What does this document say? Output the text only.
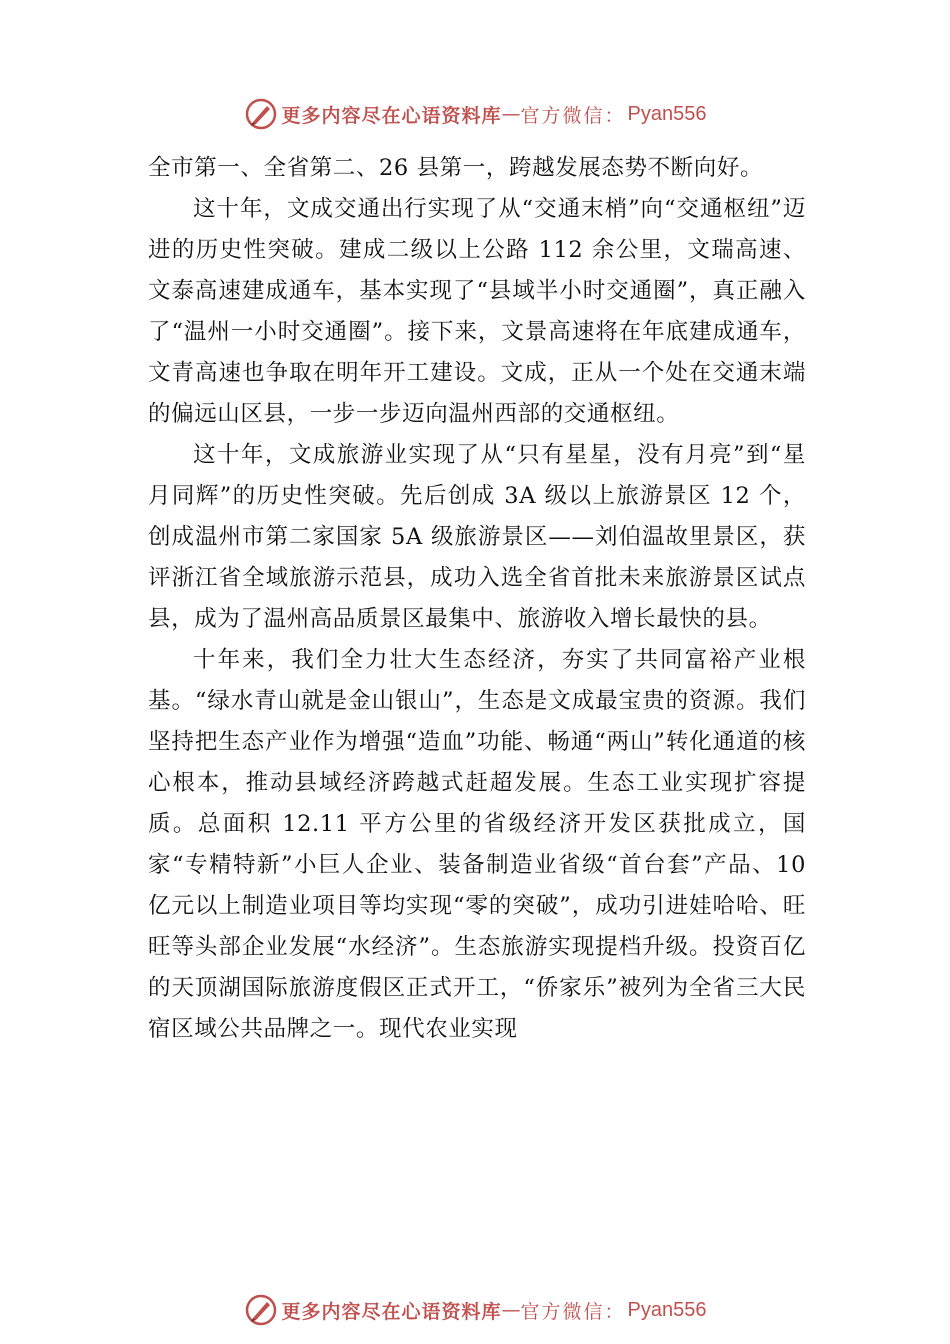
更多内容尽在心语资料库 — 官方微信： Pyan556

全市第一、全省第二、26 县第一，跨越发展态势不断向好。

这十年，文成交通出行实现了从“交通末梢”向“交通枢纽”迈进的历史性突破。建成二级以上公路 112 余公里，文瑞高速、文泰高速建成通车，基本实现了“县域半小时交通圈”，真正融入了“温州一小时交通圈”。接下来，文景高速将在年底建成通车，文青高速也争取在明年开工建设。文成，正从一个处在交通末端的偏远山区县，一步一步迈向温州西部的交通枢纽。

这十年，文成旅游业实现了从“只有星星，没有月亮”到“星月同辉”的历史性突破。先后创成 3A 级以上旅游景区 12 个，创成温州市第二家国家 5A 级旅游景区——刘伯温故里景区，获评浙江省全域旅游示范县，成功入选全省首批未来旅游景区试点县，成为了温州高品质景区最集中、旅游收入增长最快的县。

十年来，我们全力壮大生态经济，夯实了共同富裕产业根基。“绿水青山就是金山银山”，生态是文成最宝贵的资源。我们坚持把生态产业作为增强“造血”功能、畅通“两山”转化通道的核心根本，推动县域经济跨越式赶超发展。生态工业实现扩容提质。总面积 12.11 平方公里的省级经济开发区获批成立，国家“专精特新”小巨人企业、装备制造业省级“首台套”产品、10 亿元以上制造业项目等均实现“零的突破”，成功引进娃哈哈、旺旺等头部企业发展“水经济”。生态旅游实现提档升级。投资百亿的天顶湖国际旅游度假区正式开工，“侨家乐”被列为全省三大民宿区域公共品牌之一。现代农业实现

更多内容尽在心语资料库 — 官方微信： Pyan556
